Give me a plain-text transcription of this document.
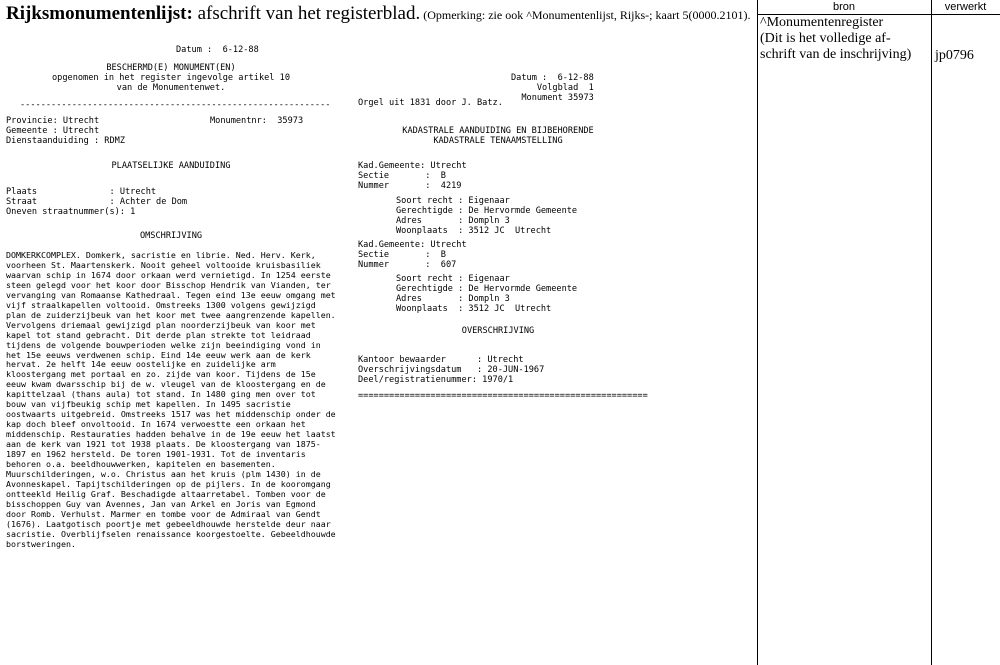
Rijksmonumentenlijst: afschrift van het registerblad. (Opmerking: zie ook ^Monumentenlijst, Rijks-; kaart 5(0000.2101).
bron	verwerkt
^Monumentenregister
(Dit is het volledige af-
schrift van de inschrijving) jp0796
Datum :  6-12-88
BESCHERMD(E) MONUMENT(EN)
opgenomen in het register ingevolge artikel 10
van de Monumentenwet.
------------------------------------------------------------
Provincie: Utrecht
Gemeente : Utrecht
Dienstaanduiding : RDMZ
Monumentnr:  35973
PLAATSELIJKE AANDUIDING
Plaats              : Utrecht
Straat              : Achter de Dom
Oneven straatnummer(s): 1
OMSCHRIJVING
DOMKERKCOMPLEX. Domkerk, sacristie en librie. Ned. Herv. Kerk, voorheen St. Maartenskerk. Nooit geheel voltooide kruisbasiliek waarvan schip in 1674 door orkaan werd vernietigd. In 1254 eerste steen gelegd voor het koor door Bisschop Hendrik van Vianden, ter vervanging van Romaanse Kathedraal. Tegen eind 13e eeuw omgang met vijf straalkapellen voltooid. Omstreeks 1300 volgens gewijzigd plan de zuiderzijbeuk van het koor met twee aangrenzende kapellen. Vervolgens driemaal gewijzigd plan noorderzijbeuk van koor met kapel tot stand gebracht. Dit derde plan strekte tot leidraad tijdens de volgende bouwperioden welke zijn beeindiging vond in het 15e eeuws verdwenen schip. Eind 14e eeuw werk aan de kerk hervat. 2e helft 14e eeuw oostelijke en zuidelijke arm kloostergang met portaal en zo. zijde van koor. Tijdens de 15e eeuw kwam dwarsschip bij de w. vleugel van de kloostergang en de kapittelzaal (thans aula) tot stand. In 1480 ging men over tot bouw van vijfbeukig schip met kapellen. In 1495 sacristie oostwaarts uitgebreid. Omstreeks 1517 was het middenschip onder de kap doch bleef onvoltooid. In 1674 verwoestte een orkaan het middenschip. Restauraties hadden behalve in de 19e eeuw het laatst aan de kerk van 1921 tot 1938 plaats. De kloostergang van 1875-1897 en 1962 hersteld. De toren 1901-1931. Tot de inventaris behoren o.a. beeldhouwwerken, kapitelen en basementen. Muurschilderingen, w.o. Christus aan het kruis (plm 1430) in de Avonneskapel. Tapijtschilderingen op de pijlers. In de kooromgang ontteekld Heilig Graf. Beschadigde altaarretabel. Tomben voor de bisschoppen Guy van Avennes, Jan van Arkel en Joris van Egmond door Romb. Verhulst. Marmer en tombe voor de Admiraal van Gendt (1676). Laatgotisch poortje met gebeeldhouwde herstelde deur naar sacristie. Overblijfselen renaissance koorgestoelte. Gebeeldhouwde borstweringen.
Datum :  6-12-88
Volgblad  1
Monument 35973
Orgel uit 1831 door J. Batz.
KADASTRALE AANDUIDING EN BIJBEHORENDE
KADASTRALE TENAAMSTELLING
Kad.Gemeente: Utrecht
Sectie       :  B
Nummer       :  4219
Soort recht : Eigenaar
Gerechtigde : De Hervormde Gemeente
Adres       : Dompln 3
Woonplaats  : 3512 JC  Utrecht
Kad.Gemeente: Utrecht
Sectie       :  B
Nummer       :  607
Soort recht : Eigenaar
Gerechtigde : De Hervormde Gemeente
Adres       : Dompln 3
Woonplaats  : 3512 JC  Utrecht
OVERSCHRIJVING
Kantoor bewaarder      : Utrecht
Overschrijvingsdatum   : 20-JUN-1967
Deel/registratienummer: 1970/1
========================================================
